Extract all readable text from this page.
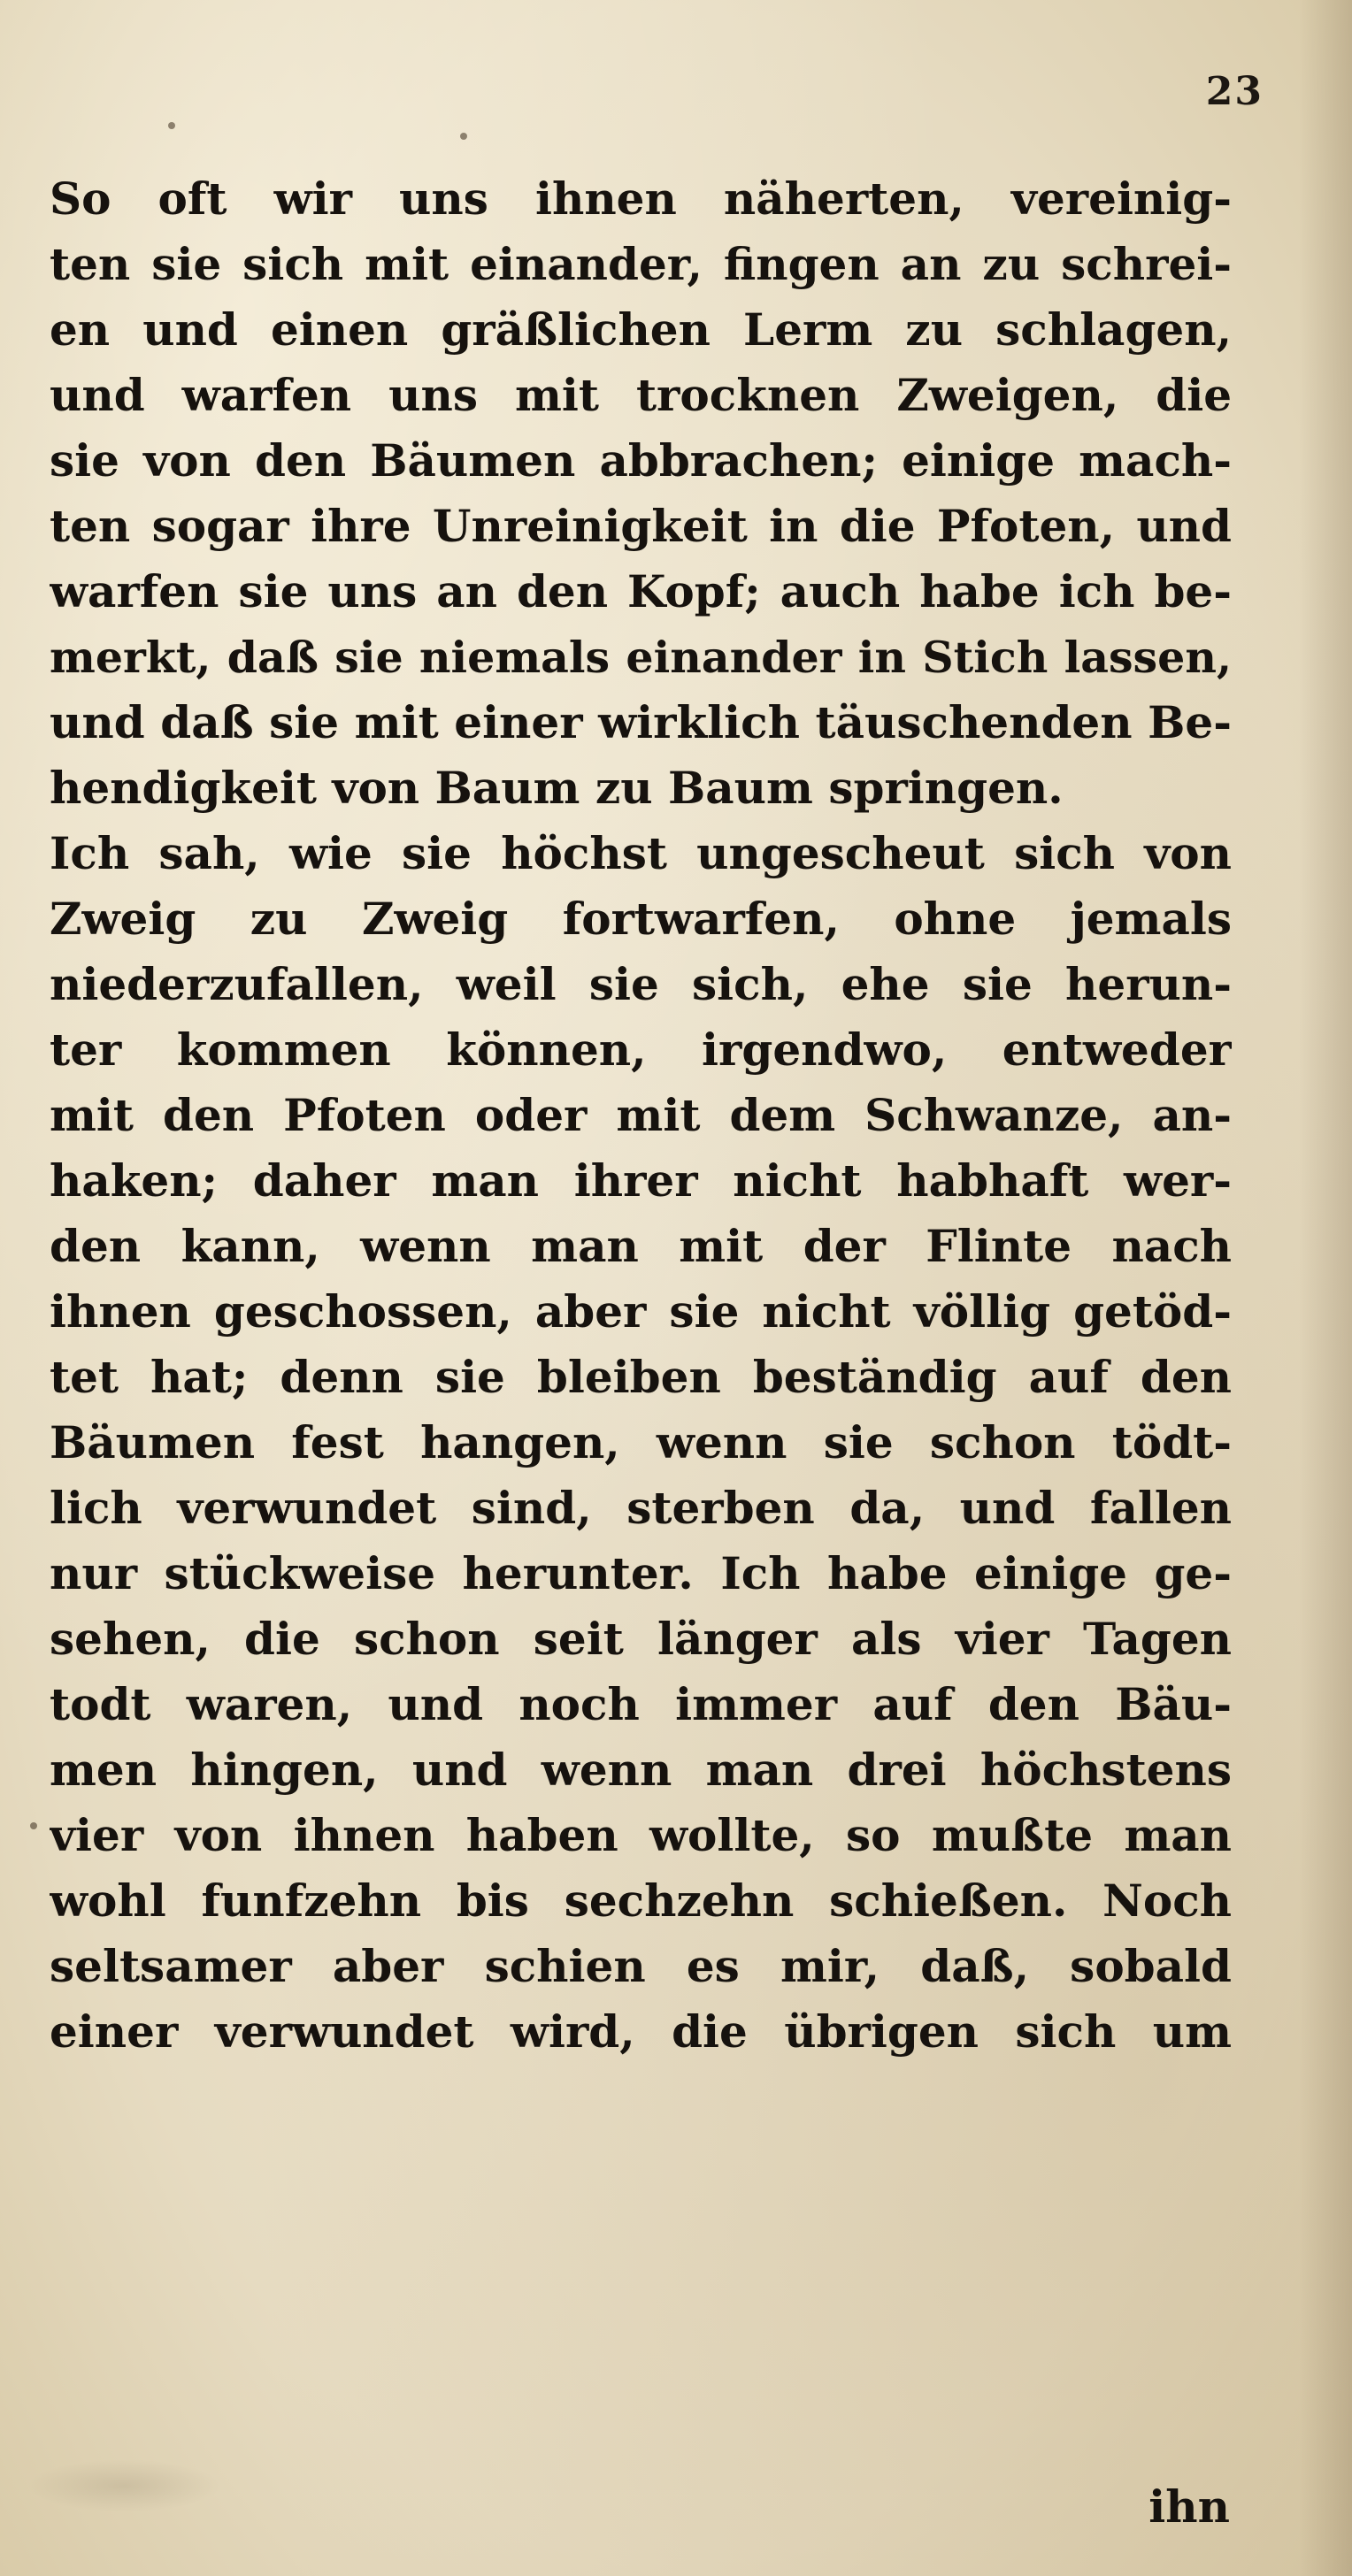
23
So oft wir uns ihnen näherten, vereinig-
ten sie sich mit einander, fingen an zu schrei-
en und einen gräßlichen Lerm zu schlagen,
und warfen uns mit trocknen Zweigen, die
sie von den Bäumen abbrachen; einige mach-
ten sogar ihre Unreinigkeit in die Pfoten, und
warfen sie uns an den Kopf; auch habe ich be-
merkt, daß sie niemals einander in Stich lassen,
und daß sie mit einer wirklich täuschenden Be-
hendigkeit von Baum zu Baum springen.
Ich sah, wie sie höchst ungescheut sich von
Zweig zu Zweig fortwarfen, ohne jemals
niederzufallen, weil sie sich, ehe sie herun-
ter kommen können, irgendwo, entweder
mit den Pfoten oder mit dem Schwanze, an-
haken; daher man ihrer nicht habhaft wer-
den kann, wenn man mit der Flinte nach
ihnen geschossen, aber sie nicht völlig getöd-
tet hat; denn sie bleiben beständig auf den
Bäumen fest hangen, wenn sie schon tödt-
lich verwundet sind, sterben da, und fallen
nur stückweise herunter. Ich habe einige ge-
sehen, die schon seit länger als vier Tagen
todt waren, und noch immer auf den Bäu-
men hingen, und wenn man drei höchstens
vier von ihnen haben wollte, so mußte man
wohl funfzehn bis sechzehn schießen. Noch
seltsamer aber schien es mir, daß, sobald
einer verwundet wird, die übrigen sich um
ihn
